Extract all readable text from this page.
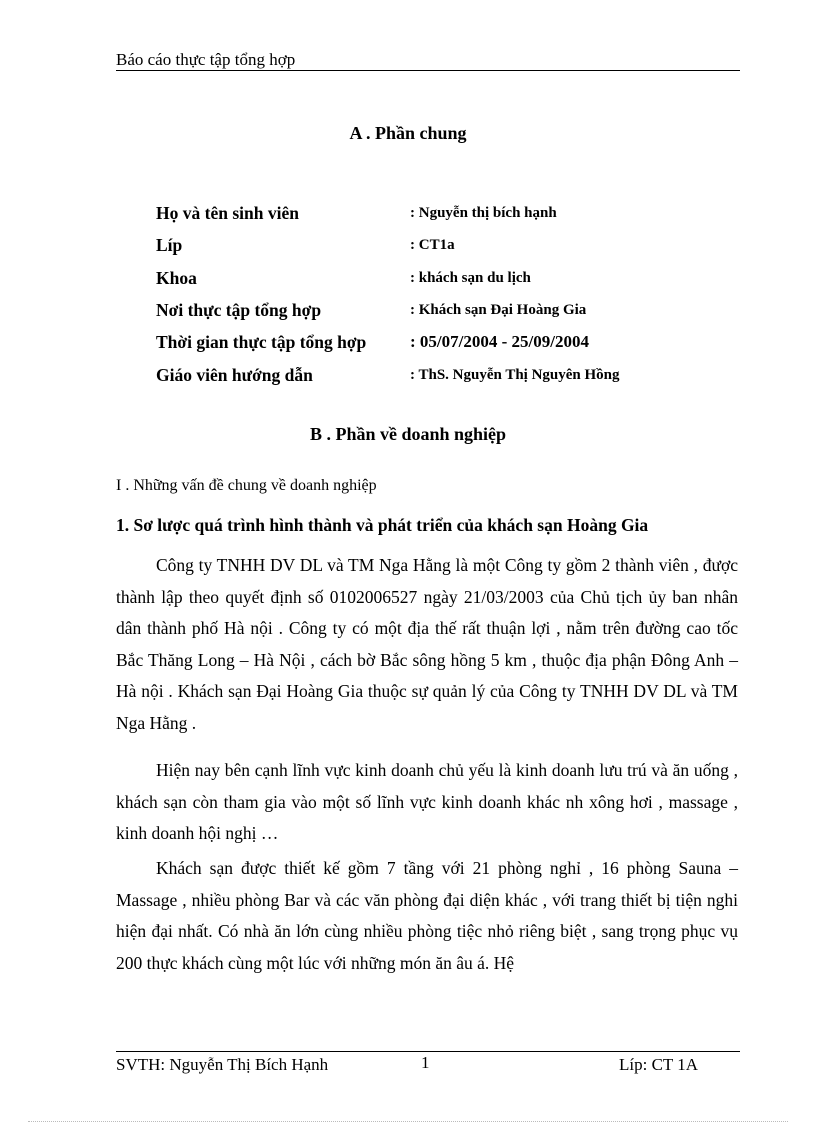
Báo cáo thực tập tổng hợp
A . Phần chung
Họ và tên sinh viên	: Nguyễn thị bích hạnh
Líp	: CT1a
Khoa	: khách sạn du lịch
Nơi thực tập tổng hợp	: Khách sạn Đại Hoàng Gia
Thời gian thực tập tổng hợp	: 05/07/2004 - 25/09/2004
Giáo viên hướng dẫn	: ThS. Nguyễn Thị Nguyên Hồng
B . Phần về doanh nghiệp
I . Những vấn đề chung về doanh nghiệp
1. Sơ lược quá trình hình thành và phát triển của khách sạn Hoàng Gia

Công ty TNHH DV DL và TM Nga Hằng là một Công ty gồm 2 thành viên , được thành lập theo quyết định số 0102006527 ngày 21/03/2003 của Chủ tịch ủy ban nhân dân thành phố Hà nội . Công ty có một địa thế rất thuận lợi , nằm trên đường cao tốc Bắc Thăng Long – Hà Nội , cách bờ Bắc sông hồng 5 km , thuộc địa phận Đông Anh – Hà nội . Khách sạn Đại Hoàng Gia thuộc sự quản lý của Công ty TNHH DV DL và TM Nga Hằng .

Hiện nay bên cạnh lĩnh vực kinh doanh chủ yếu là kinh doanh lưu trú và ăn uống , khách sạn còn tham gia vào một số lĩnh vực kinh doanh khác nh xông hơi , massage , kinh doanh hội nghị …

Khách sạn được thiết kế gồm 7 tầng với 21 phòng nghỉ , 16 phòng Sauna – Massage , nhiều phòng Bar và các văn phòng đại diện khác , với trang thiết bị tiện nghi hiện đại nhất. Có nhà ăn lớn cùng nhiều phòng tiệc nhỏ riêng biệt , sang trọng phục vụ 200 thực khách cùng một lúc với những món ăn âu á. Hệ

SVTH: Nguyễn Thị Bích Hạnh	1	Líp: CT 1A
